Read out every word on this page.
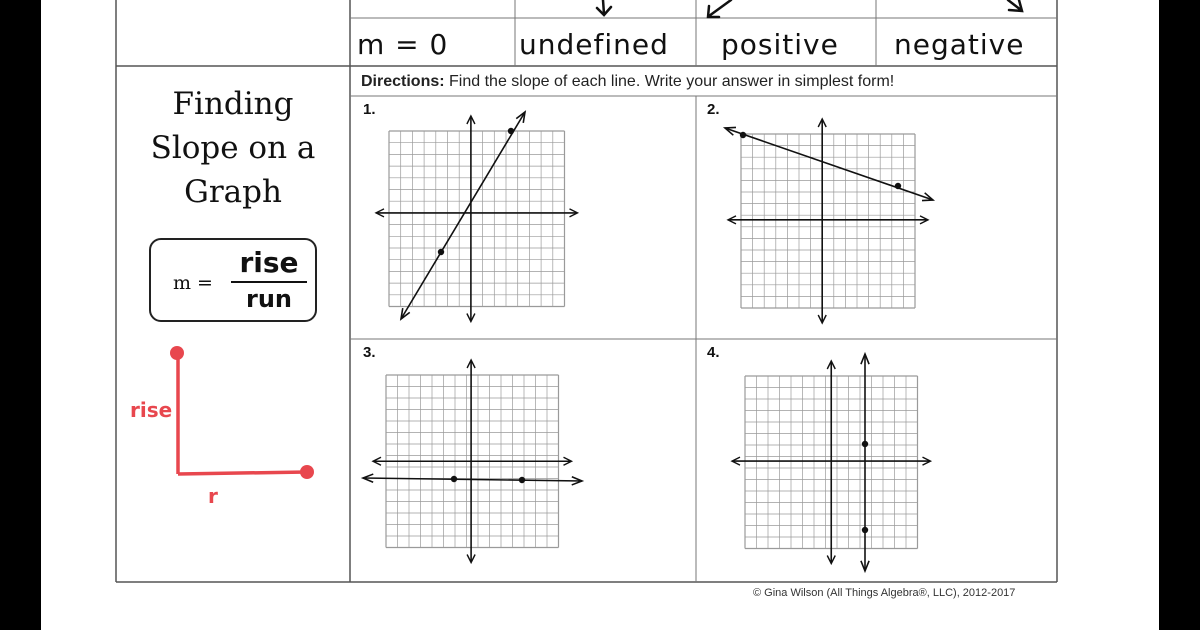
m = 0	undefined positive negative
Finding
Slope on a
Graph
m =
rise
run
rise
r
Directions: Find the slope of each line. Write your answer in simplest form!
1.	2.
3.	4.
© Gina Wilson (All Things Algebra®, LLC), 2012-2017
